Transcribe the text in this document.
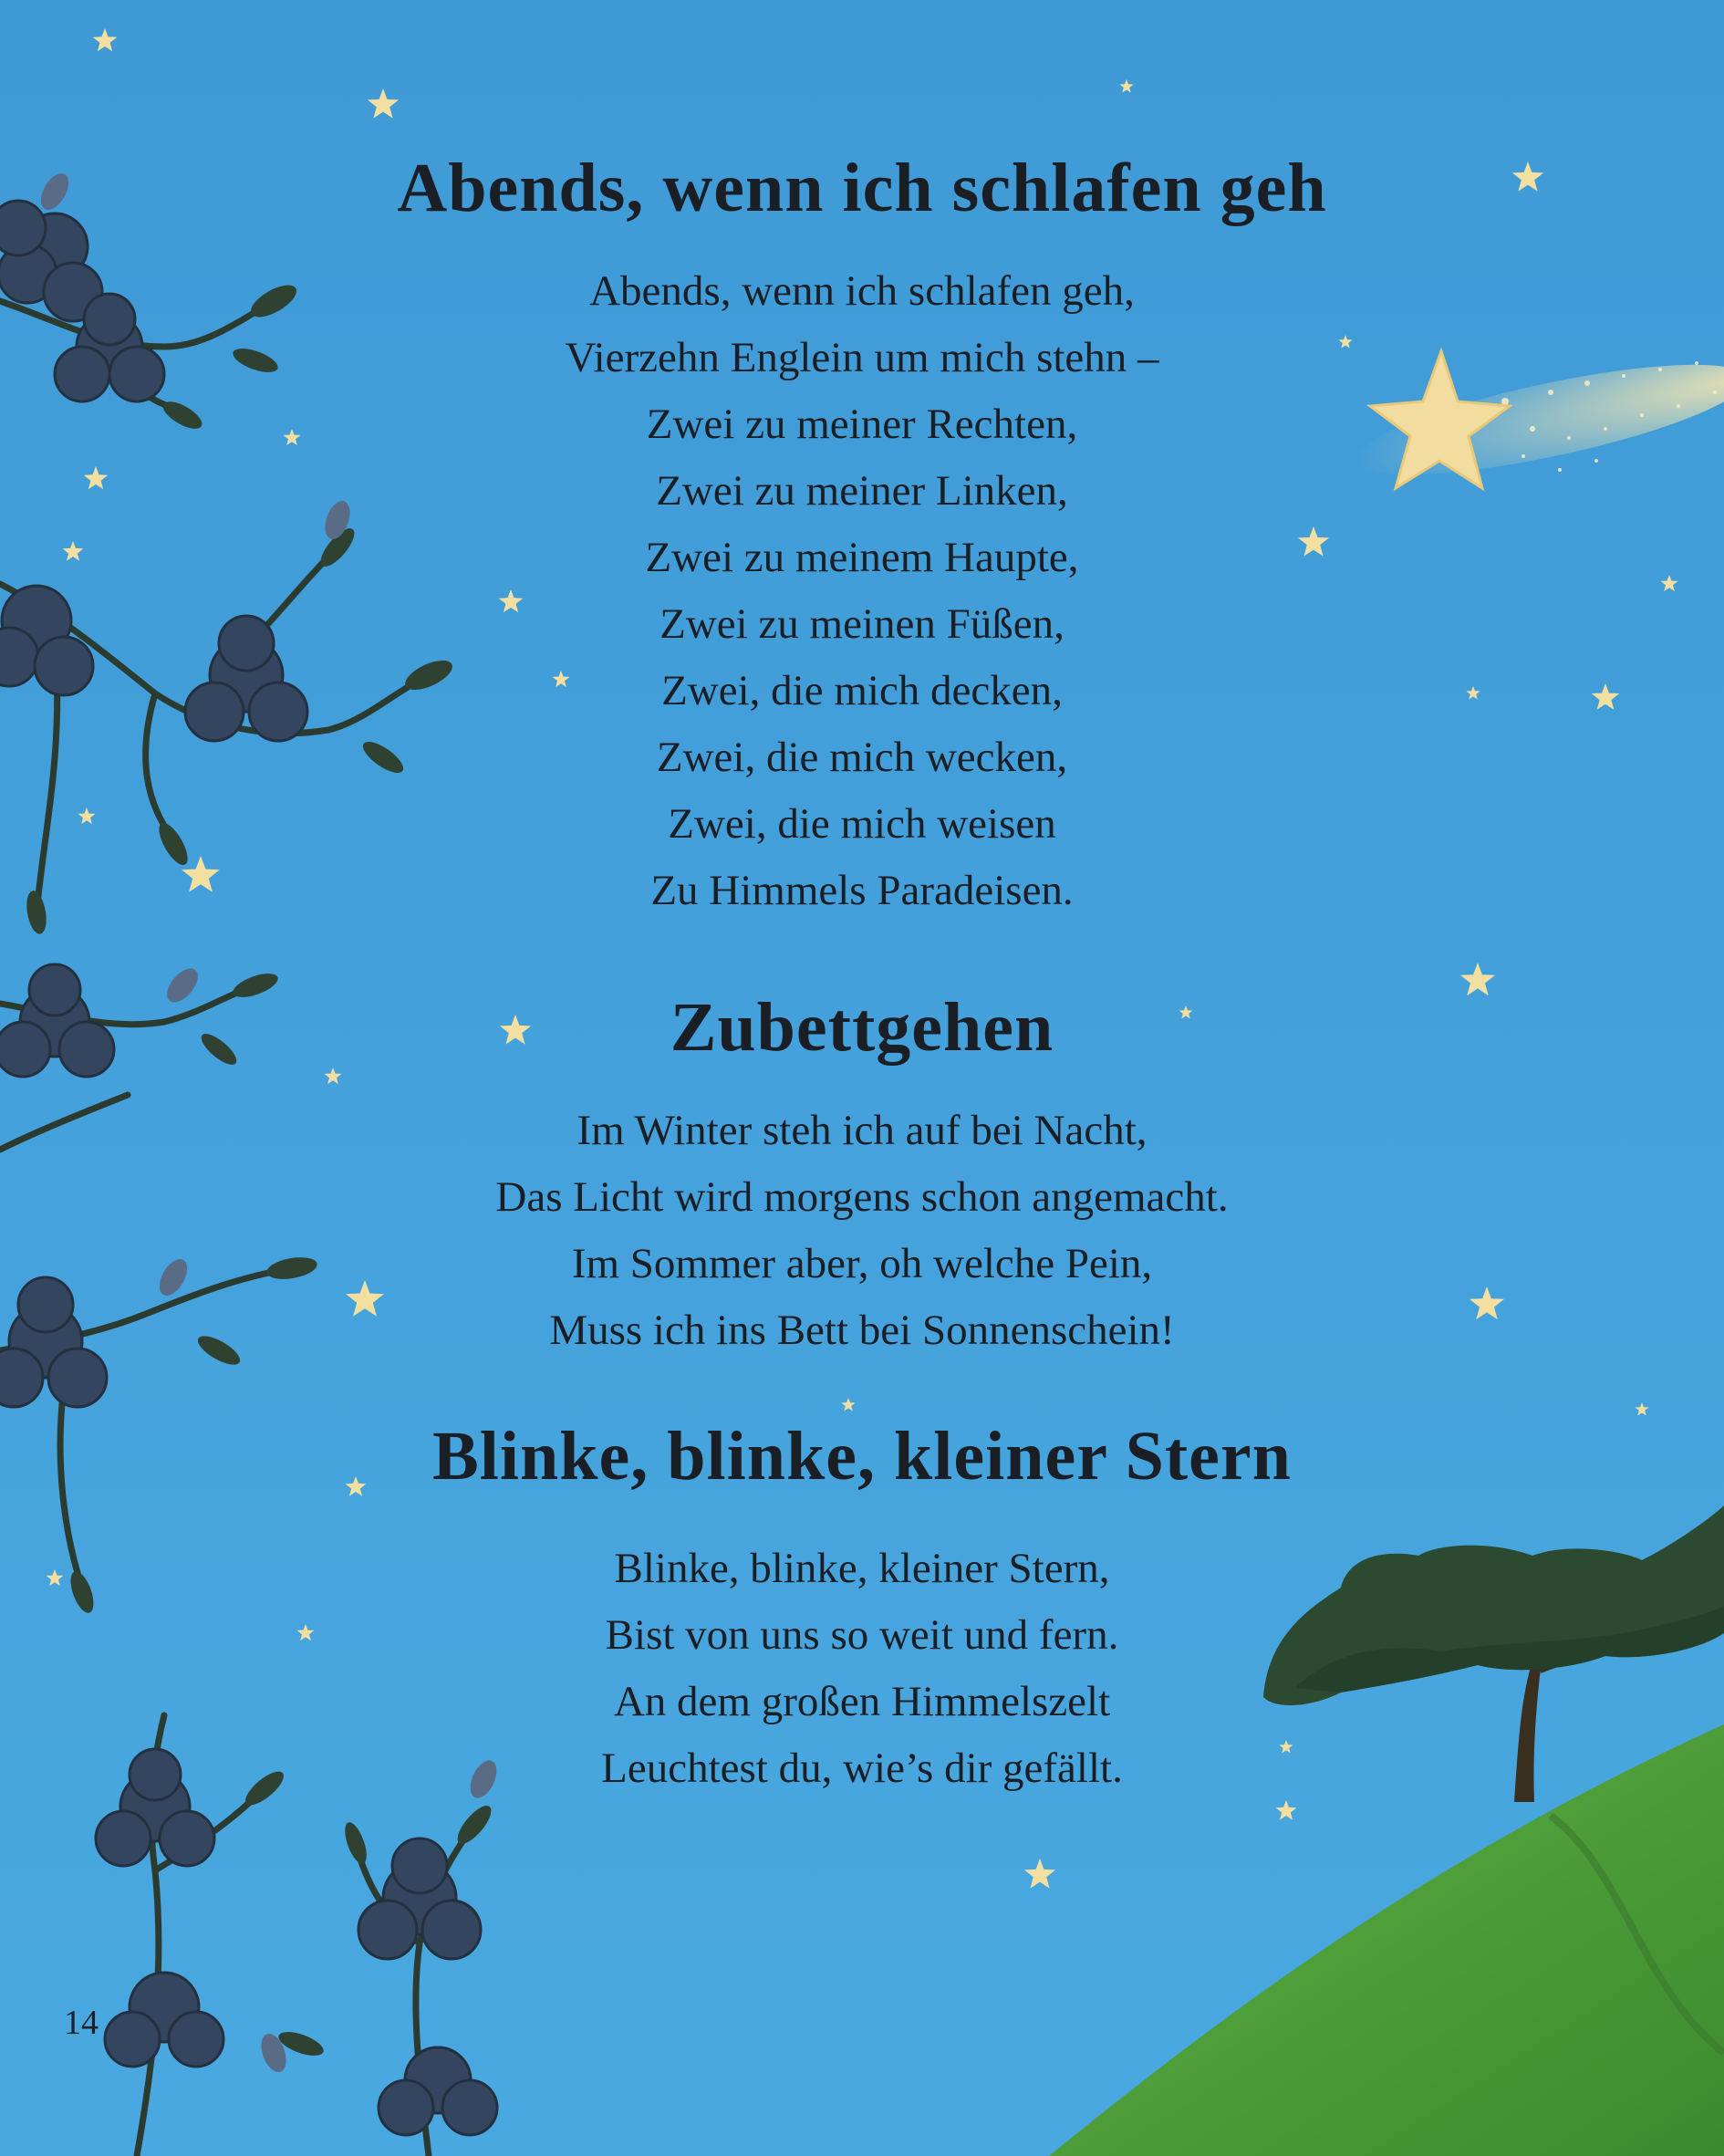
Abends, wenn ich schlafen geh
Abends, wenn ich schlafen geh,
Vierzehn Englein um mich stehn –
Zwei zu meiner Rechten,
Zwei zu meiner Linken,
Zwei zu meinem Haupte,
Zwei zu meinen Füßen,
Zwei, die mich decken,
Zwei, die mich wecken,
Zwei, die mich weisen
Zu Himmels Paradeisen.
Zubettgehen
Im Winter steh ich auf bei Nacht,
Das Licht wird morgens schon angemacht.
Im Sommer aber, oh welche Pein,
Muss ich ins Bett bei Sonnenschein!
Blinke, blinke, kleiner Stern
Blinke, blinke, kleiner Stern,
Bist von uns so weit und fern.
An dem großen Himmelszelt
Leuchtest du, wie’s dir gefällt.
14
